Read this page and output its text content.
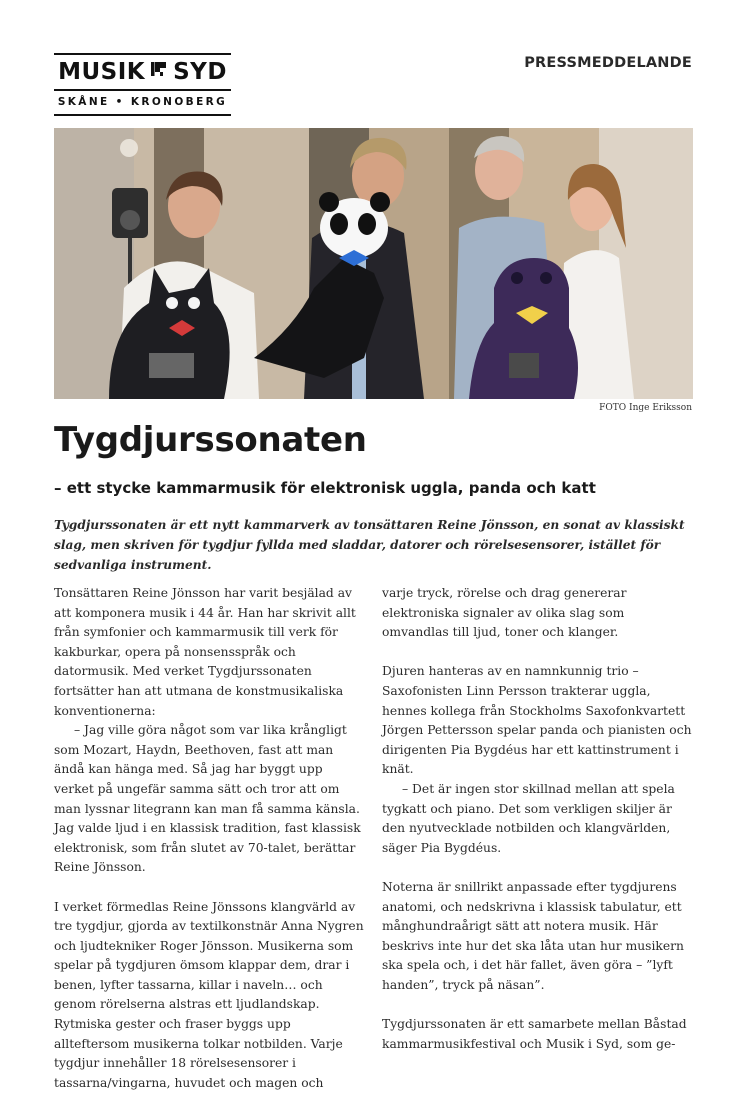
MUSIK SYD
SKÅNE • KRONOBERG
PRESSMEDDELANDE
FOTO Inge Eriksson
Tygdjurssonaten
– ett stycke kammarmusik för elektronisk uggla, panda och katt
Tygdjurssonaten är ett nytt kammarverk av tonsättaren Reine Jönsson, en sonat av klassiskt slag, men skriven för tygdjur fyllda med sladdar, datorer och rörelsesensorer, istället för sedvanliga instrument.

Tonsättaren Reine Jönsson har varit besjälad av att komponera musik i 44 år. Han har skrivit allt från symfonier och kammarmusik till verk för kakburkar, opera på nonsensspråk och datormusik. Med verket Tygdjurssonaten fortsätter han att utmana de konstmusikaliska konventionerna:

– Jag ville göra något som var lika krångligt som Mozart, Haydn, Beethoven, fast att man ändå kan hänga med. Så jag har byggt upp verket på ungefär samma sätt och tror att om man lyssnar litegrann kan man få samma känsla. Jag valde ljud i en klassisk tradition, fast klassisk elektronisk, som från slutet av 70-talet, berättar Reine Jönsson.

I verket förmedlas Reine Jönssons klangvärld av tre tygdjur, gjorda av textilkonstnär Anna Nygren och ljudtekniker Roger Jönsson. Musikerna som spelar på tygdjuren ömsom klappar dem, drar i benen, lyfter tassarna, killar i naveln… och genom rörelserna alstras ett ljudlandskap. Rytmiska gester och fraser byggs upp allteftersom musikerna tolkar notbilden. Varje tygdjur innehåller 18 rörelsesensorer i tassarna/vingarna, huvudet och magen och

varje tryck, rörelse och drag genererar elektroniska signaler av olika slag som omvandlas till ljud, toner och klanger.

Djuren hanteras av en namnkunnig trio – Saxofonisten Linn Persson trakterar uggla, hennes kollega från Stockholms Saxofonkvartett Jörgen Pettersson spelar panda och pianisten och dirigenten Pia Bygdéus har ett kattinstrument i knät.

– Det är ingen stor skillnad mellan att spela tygkatt och piano. Det som verkligen skiljer är den nyutvecklade notbilden och klangvärlden, säger Pia Bygdéus.

Noterna är snillrikt anpassade efter tygdjurens anatomi, och nedskrivna i klassisk tabulatur, ett månghundraårigt sätt att notera musik. Här beskrivs inte hur det ska låta utan hur musikern ska spela och, i det här fallet, även göra – ”lyft handen”, tryck på näsan”.

Tygdjurssonaten är ett samarbete mellan Båstad kammarmusikfestival och Musik i Syd, som ge-
